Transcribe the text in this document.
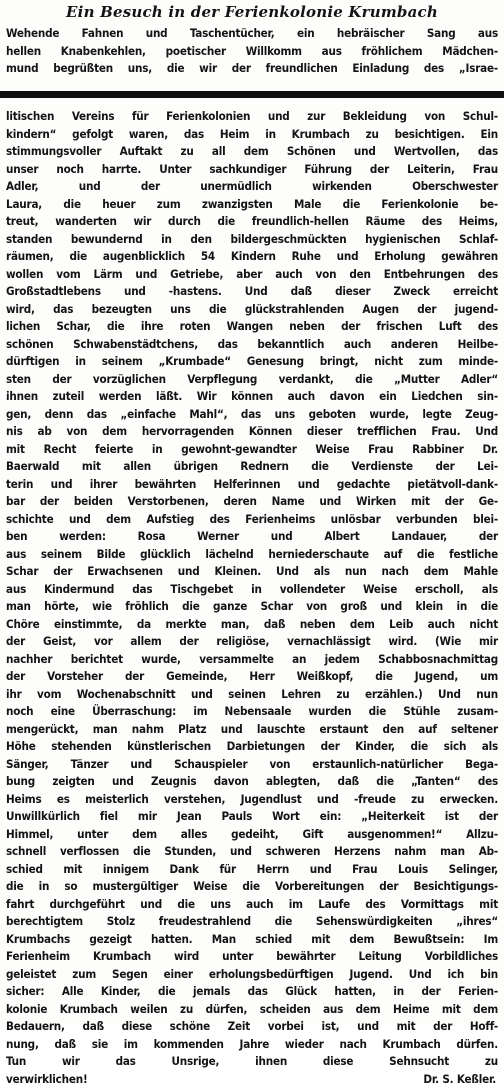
Ein Besuch in der Ferienkolonie Krumbach
Wehende Fahnen und Taschentücher, ein hebräischer Sang aus
hellen Knabenkehlen, poetischer Willkomm aus fröhlichem Mädchen-
mund begrüßten uns, die wir der freundlichen Einladung des „Israe-
litischen Vereins für Ferienkolonien und zur Bekleidung von Schul-
kindern“ gefolgt waren, das Heim in Krumbach zu besichtigen. Ein
stimmungsvoller Auftakt zu all dem Schönen und Wertvollen, das
unser noch harrte. Unter sachkundiger Führung der Leiterin, Frau
Adler, und der unermüdlich wirkenden Oberschwester
Laura, die heuer zum zwanzigsten Male die Ferienkolonie be-
treut, wanderten wir durch die freundlich-hellen Räume des Heims,
standen bewundernd in den bildergeschmückten hygienischen Schlaf-
räumen, die augenblicklich 54 Kindern Ruhe und Erholung gewähren
wollen vom Lärm und Getriebe, aber auch von den Entbehrungen des
Großstadtlebens und -hastens. Und daß dieser Zweck erreicht
wird, das bezeugten uns die glückstrahlenden Augen der jugend-
lichen Schar, die ihre roten Wangen neben der frischen Luft des
schönen Schwabenstädtchens, das bekanntlich auch anderen Heilbe-
dürftigen in seinem „Krumbade“ Genesung bringt, nicht zum minde-
sten der vorzüglichen Verpflegung verdankt, die „Mutter Adler“
ihnen zuteil werden läßt. Wir können auch davon ein Liedchen sin-
gen, denn das „einfache Mahl“, das uns geboten wurde, legte Zeug-
nis ab von dem hervorragenden Können dieser trefflichen Frau. Und
mit Recht feierte in gewohnt-gewandter Weise Frau Rabbiner Dr.
Baerwald mit allen übrigen Rednern die Verdienste der Lei-
terin und ihrer bewährten Helferinnen und gedachte pietätvoll-dank-
bar der beiden Verstorbenen, deren Name und Wirken mit der Ge-
schichte und dem Aufstieg des Ferienheims unlösbar verbunden blei-
ben werden: Rosa Werner und Albert Landauer, der
aus seinem Bilde glücklich lächelnd herniederschaute auf die festliche
Schar der Erwachsenen und Kleinen. Und als nun nach dem Mahle
aus Kindermund das Tischgebet in vollendeter Weise erscholl, als
man hörte, wie fröhlich die ganze Schar von groß und klein in die
Chöre einstimmte, da merkte man, daß neben dem Leib auch nicht
der Geist, vor allem der religiöse, vernachlässigt wird. (Wie mir
nachher berichtet wurde, versammelte an jedem Schabbosnachmittag
der Vorsteher der Gemeinde, Herr Weißkopf, die Jugend, um
ihr vom Wochenabschnitt und seinen Lehren zu erzählen.) Und nun
noch eine Überraschung: im Nebensaale wurden die Stühle zusam-
mengerückt, man nahm Platz und lauschte erstaunt den auf seltener
Höhe stehenden künstlerischen Darbietungen der Kinder, die sich als
Sänger, Tänzer und Schauspieler von erstaunlich-natürlicher Bega-
bung zeigten und Zeugnis davon ablegten, daß die „Tanten“ des
Heims es meisterlich verstehen, Jugendlust und -freude zu erwecken.
Unwillkürlich fiel mir Jean Pauls Wort ein: „Heiterkeit ist der
Himmel, unter dem alles gedeiht, Gift ausgenommen!“ Allzu-
schnell verflossen die Stunden, und schweren Herzens nahm man Ab-
schied mit innigem Dank für Herrn und Frau Louis Selinger,
die in so mustergültiger Weise die Vorbereitungen der Besichtigungs-
fahrt durchgeführt und die uns auch im Laufe des Vormittags mit
berechtigtem Stolz freudestrahlend die Sehenswürdigkeiten „ihres“
Krumbachs gezeigt hatten. Man schied mit dem Bewußtsein: Im
Ferienheim Krumbach wird unter bewährter Leitung Vorbildliches
geleistet zum Segen einer erholungsbedürftigen Jugend. Und ich bin
sicher: Alle Kinder, die jemals das Glück hatten, in der Ferien-
kolonie Krumbach weilen zu dürfen, scheiden aus dem Heime mit dem
Bedauern, daß diese schöne Zeit vorbei ist, und mit der Hoff-
nung, daß sie im kommenden Jahre wieder nach Krumbach dürfen.
Tun wir das Unsrige, ihnen diese Sehnsucht zu
verwirklichen!	Dr. S. Keßler.
